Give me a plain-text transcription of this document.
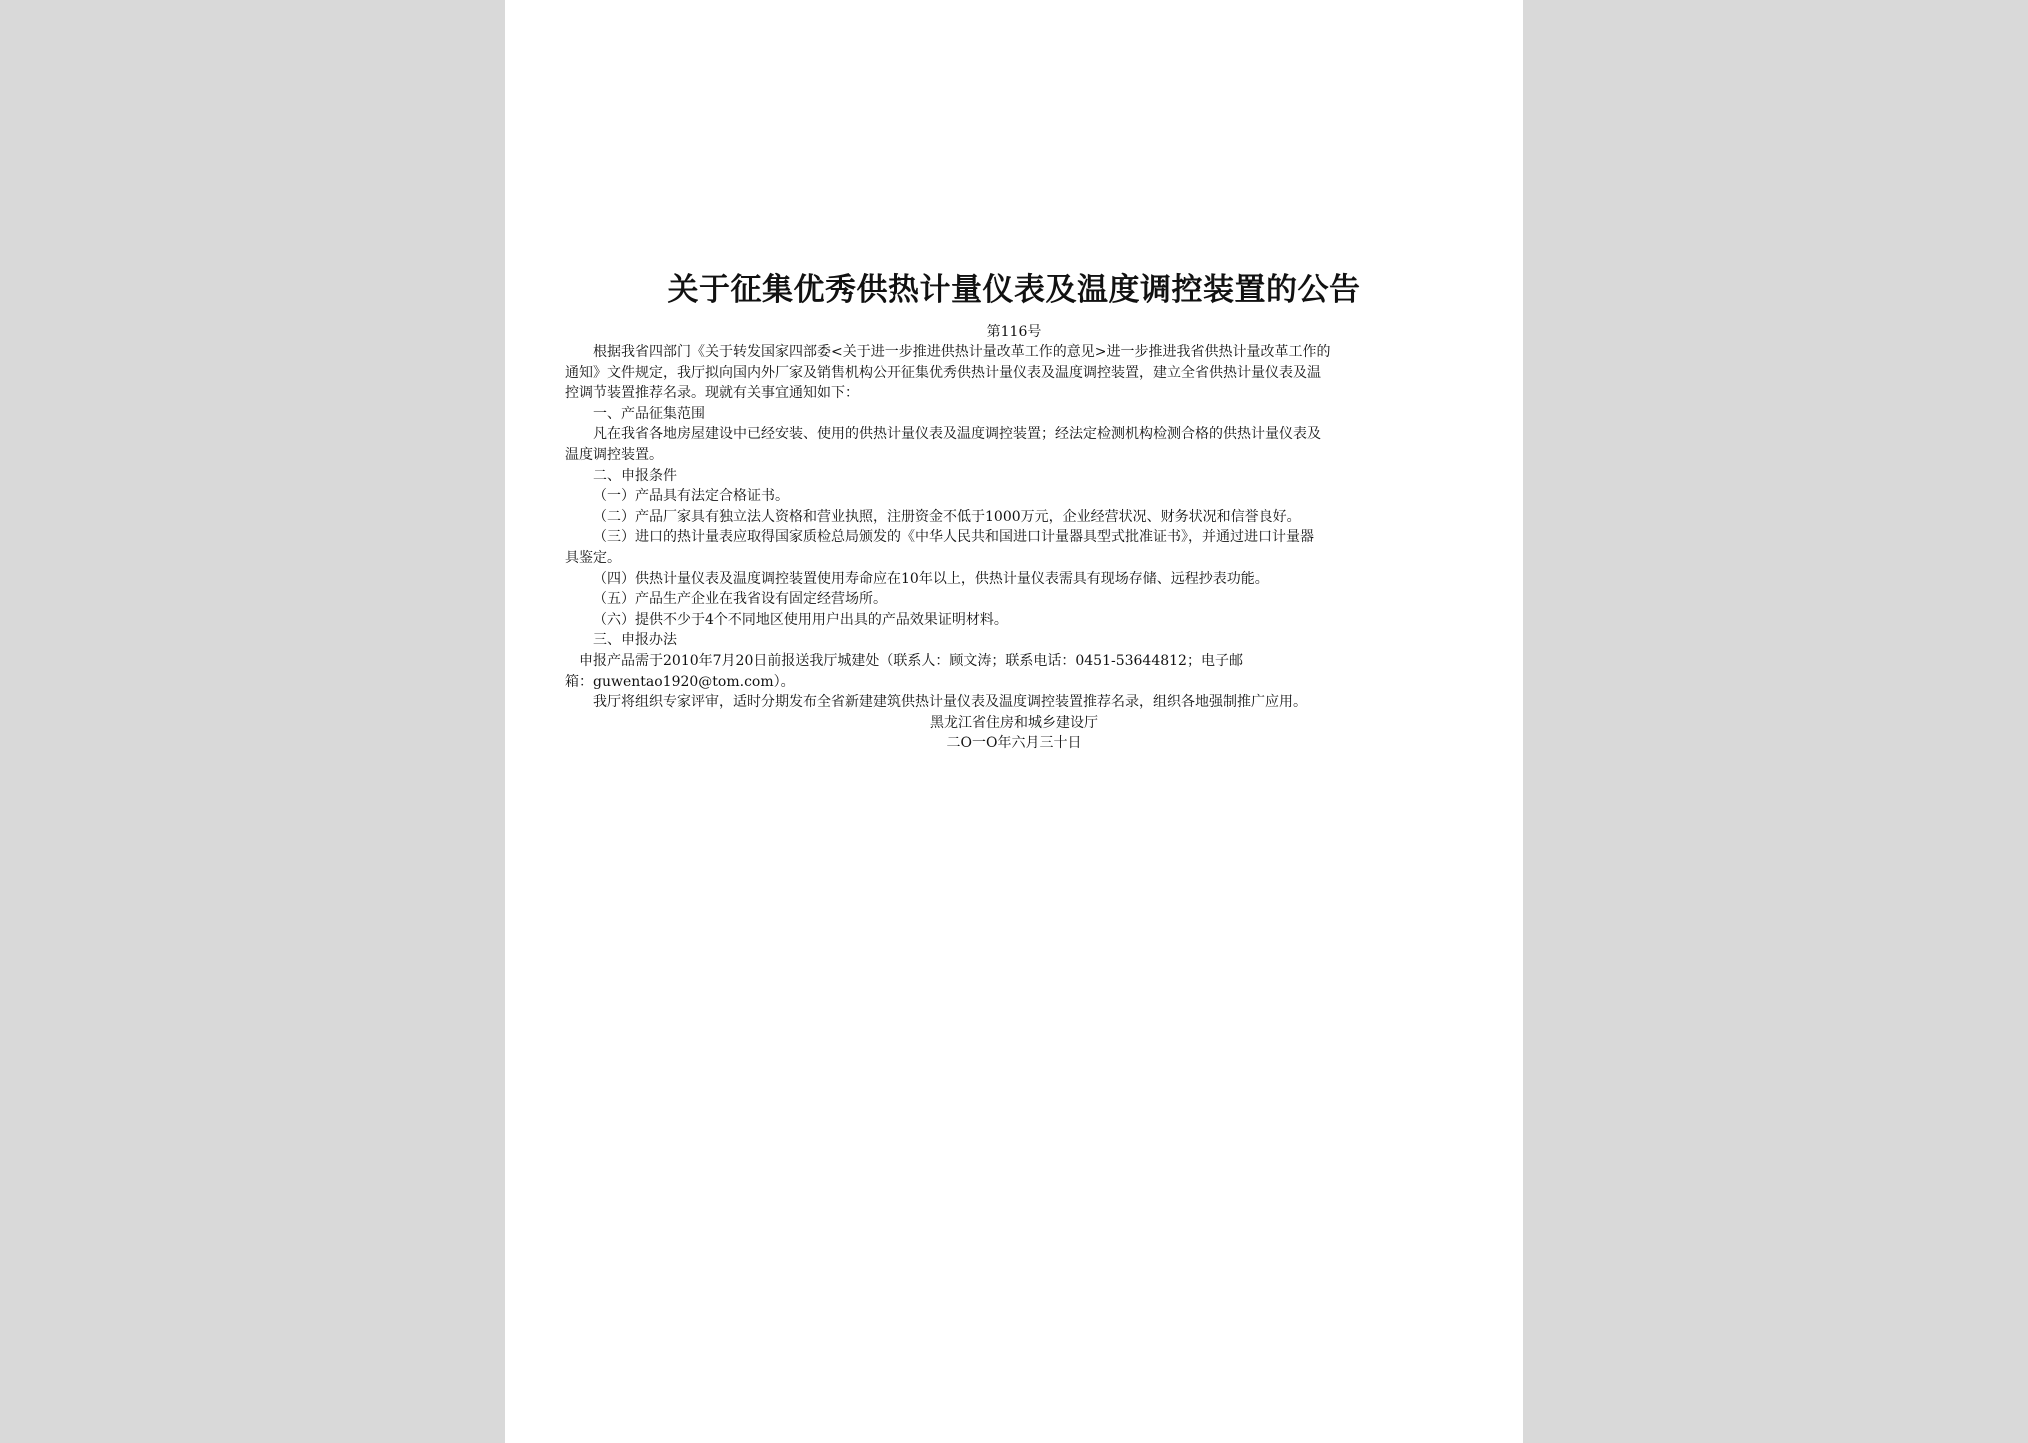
关于征集优秀供热计量仪表及温度调控装置的公告

第116号

根据我省四部门《关于转发国家四部委<关于进一步推进供热计量改革工作的意见>进一步推进我省供热计量改革工作的

通知》文件规定，我厅拟向国内外厂家及销售机构公开征集优秀供热计量仪表及温度调控装置，建立全省供热计量仪表及温

控调节装置推荐名录。现就有关事宜通知如下：

一、产品征集范围

凡在我省各地房屋建设中已经安装、使用的供热计量仪表及温度调控装置；经法定检测机构检测合格的供热计量仪表及

温度调控装置。

二、申报条件

（一）产品具有法定合格证书。

（二）产品厂家具有独立法人资格和营业执照，注册资金不低于1000万元，企业经营状况、财务状况和信誉良好。

（三）进口的热计量表应取得国家质检总局颁发的《中华人民共和国进口计量器具型式批准证书》，并通过进口计量器

具鉴定。

（四）供热计量仪表及温度调控装置使用寿命应在10年以上，供热计量仪表需具有现场存储、远程抄表功能。

（五）产品生产企业在我省设有固定经营场所。

（六）提供不少于4个不同地区使用用户出具的产品效果证明材料。

三、申报办法

申报产品需于2010年7月20日前报送我厅城建处（联系人：顾文涛；联系电话：0451-53644812；电子邮

箱：guwentao1920@tom.com）。

我厅将组织专家评审，适时分期发布全省新建建筑供热计量仪表及温度调控装置推荐名录，组织各地强制推广应用。

黑龙江省住房和城乡建设厅

二O一O年六月三十日
